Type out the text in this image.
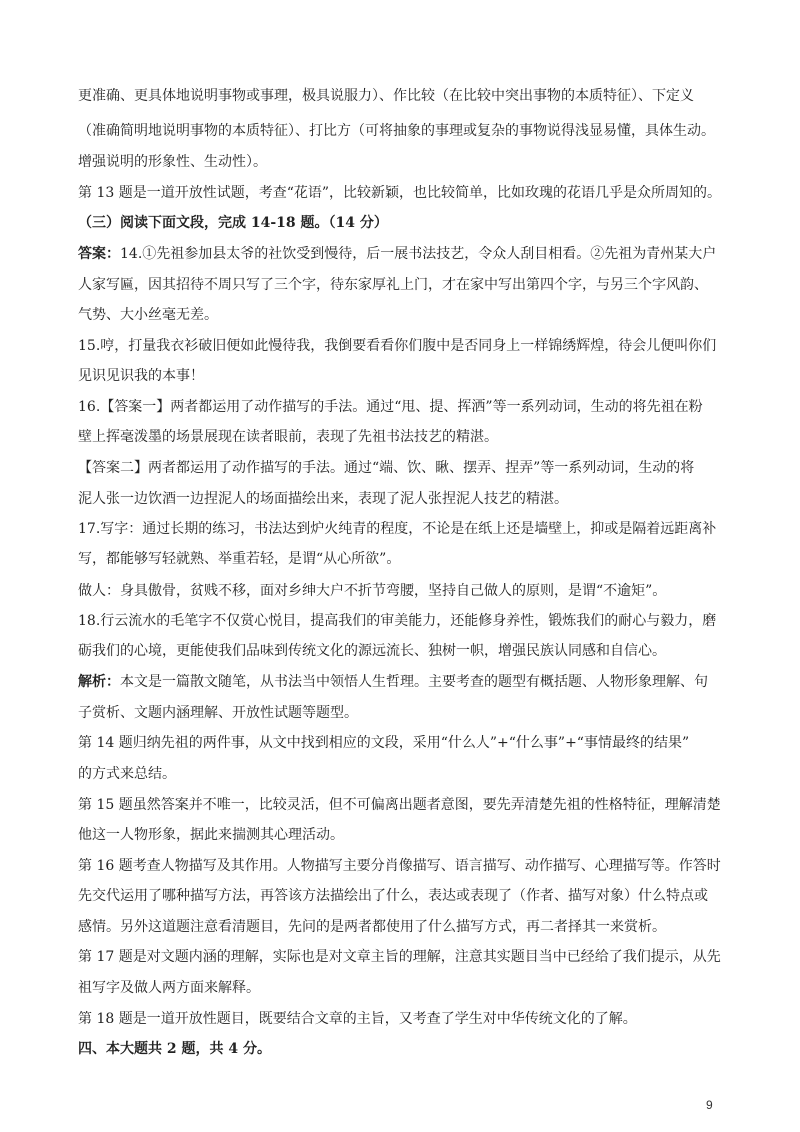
更准确、更具体地说明事物或事理，极具说服力）、作比较（在比较中突出事物的本质特征）、下定义
（准确简明地说明事物的本质特征）、打比方（可将抽象的事理或复杂的事物说得浅显易懂，具体生动。
增强说明的形象性、生动性）。
第 13 题是一道开放性试题，考查“花语”，比较新颖，也比较简单，比如玫瑰的花语几乎是众所周知的。
（三）阅读下面文段，完成 14-18 题。（14 分）
答案：14.①先祖参加县太爷的社饮受到慢待，后一展书法技艺，令众人刮目相看。②先祖为青州某大户
人家写匾，因其招待不周只写了三个字，待东家厚礼上门，才在家中写出第四个字，与另三个字风韵、
气势、大小丝毫无差。
15.哼，打量我衣衫破旧便如此慢待我，我倒要看看你们腹中是否同身上一样锦绣辉煌，待会儿便叫你们
见识见识我的本事！
16.【答案一】两者都运用了动作描写的手法。通过“甩、提、挥洒”等一系列动词，生动的将先祖在粉
壁上挥毫泼墨的场景展现在读者眼前，表现了先祖书法技艺的精湛。
【答案二】两者都运用了动作描写的手法。通过“端、饮、瞅、摆弄、捏弄”等一系列动词，生动的将
泥人张一边饮酒一边捏泥人的场面描绘出来，表现了泥人张捏泥人技艺的精湛。
17.写字：通过长期的练习，书法达到炉火纯青的程度，不论是在纸上还是墙壁上，抑或是隔着远距离补
写，都能够写轻就熟、举重若轻，是谓“从心所欲”。
做人：身具傲骨，贫贱不移，面对乡绅大户不折节弯腰，坚持自己做人的原则，是谓“不逾矩”。
18.行云流水的毛笔字不仅赏心悦目，提高我们的审美能力，还能修身养性，锻炼我们的耐心与毅力，磨
砺我们的心境，更能使我们品味到传统文化的源远流长、独树一帜，增强民族认同感和自信心。
解析：本文是一篇散文随笔，从书法当中领悟人生哲理。主要考查的题型有概括题、人物形象理解、句
子赏析、文题内涵理解、开放性试题等题型。
第 14 题归纳先祖的两件事，从文中找到相应的文段，采用“什么人”+“什么事”+“事情最终的结果”
的方式来总结。
第 15 题虽然答案并不唯一，比较灵活，但不可偏离出题者意图，要先弄清楚先祖的性格特征，理解清楚
他这一人物形象，据此来揣测其心理活动。
第 16 题考查人物描写及其作用。人物描写主要分肖像描写、语言描写、动作描写、心理描写等。作答时
先交代运用了哪种描写方法，再答该方法描绘出了什么，表达或表现了（作者、描写对象）什么特点或
感情。另外这道题注意看清题目，先问的是两者都使用了什么描写方式，再二者择其一来赏析。
第 17 题是对文题内涵的理解，实际也是对文章主旨的理解，注意其实题目当中已经给了我们提示，从先
祖写字及做人两方面来解释。
第 18 题是一道开放性题目，既要结合文章的主旨，又考查了学生对中华传统文化的了解。
四、本大题共 2 题，共 4 分。
9
